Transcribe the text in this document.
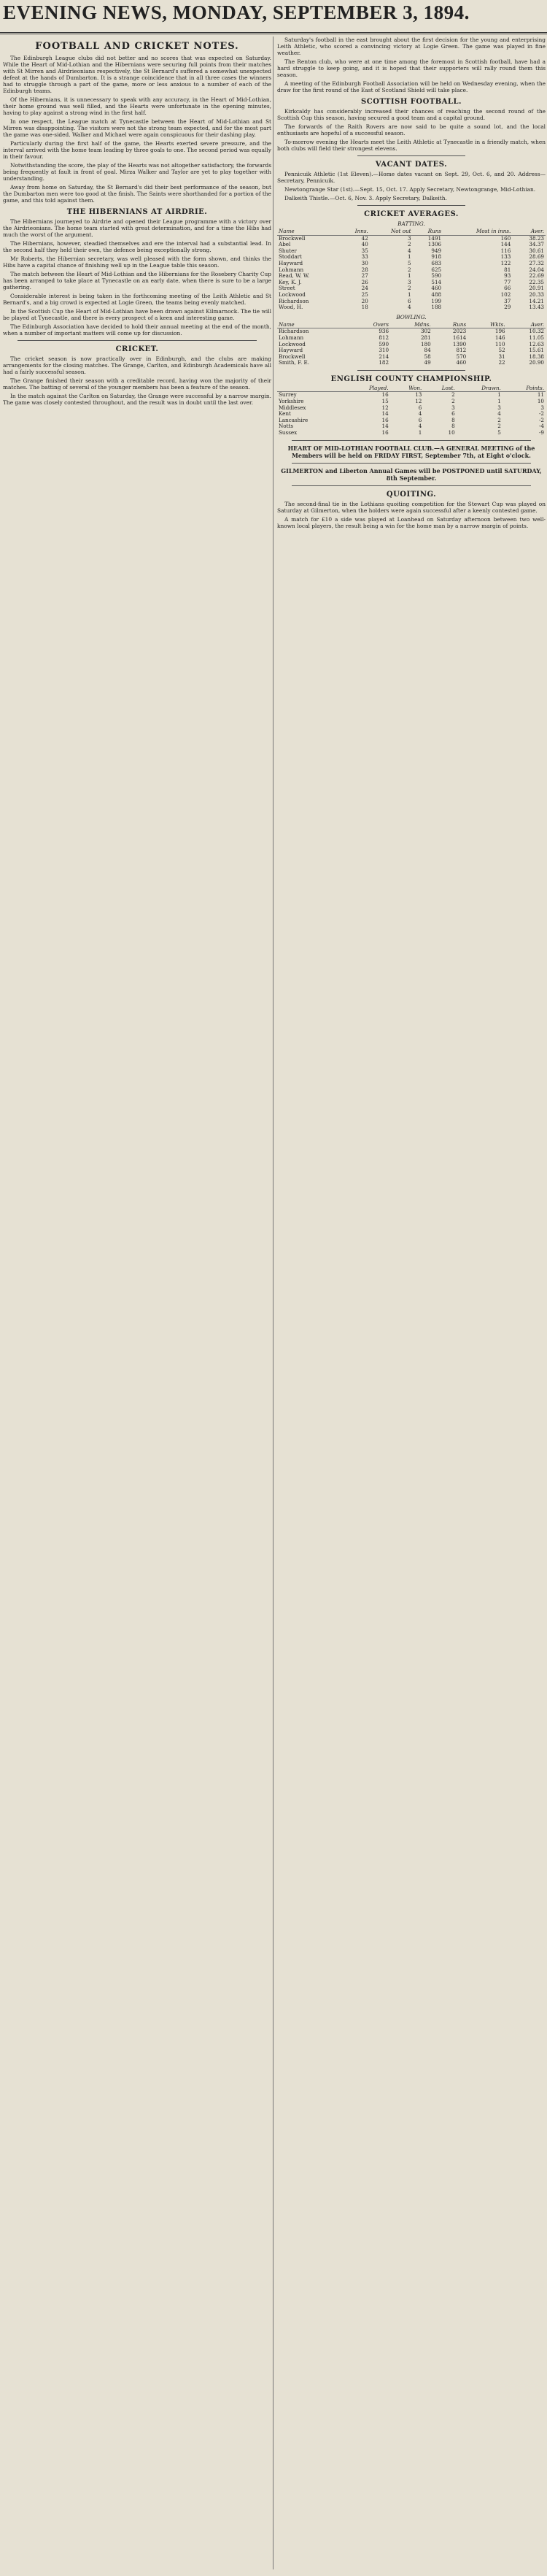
EVENING NEWS, MONDAY, SEPTEMBER 3, 1894.
FOOTBALL AND CRICKET NOTES.

The Edinburgh League clubs did not better and no scores that was expected on Saturday. While the Heart of Mid-Lothian and the Hibernians were securing full points from their matches with St Mirren and Airdrieonians respectively, the St Bernard's suffered a somewhat unexpected defeat at the hands of Dumbarton. It is a strange coincidence that in all three cases the winners had to struggle through a part of the game, more or less anxious to a number of each of the Edinburgh teams.

Of the Hibernians, it is unnecessary to speak with any accuracy, in the Heart of Mid-Lothian, their home ground was well filled, and the Hearts were unfortunate in the opening minutes, having to play against a strong wind in the first half.

In one respect, the League match at Tynecastle between the Heart of Mid-Lothian and St Mirren was disappointing. The visitors were not the strong team expected, and for the most part the game was one-sided. Walker and Michael were again conspicuous for their dashing play.

Particularly during the first half of the game, the Hearts exerted severe pressure, and the interval arrived with the home team leading by three goals to one. The second period was equally in their favour.

Notwithstanding the score, the play of the Hearts was not altogether satisfactory, the forwards being frequently at fault in front of goal. Mirza Walker and Taylor are yet to play together with understanding.

Away from home on Saturday, the St Bernard's did their best performance of the season, but the Dumbarton men were too good at the finish. The Saints were shorthanded for a portion of the game, and this told against them.

THE HIBERNIANS AT AIRDRIE.

The Hibernians journeyed to Airdrie and opened their League programme with a victory over the Airdrieonians. The home team started with great determination, and for a time the Hibs had much the worst of the argument.

The Hibernians, however, steadied themselves and ere the interval had a substantial lead. In the second half they held their own, the defence being exceptionally strong.

Mr Roberts, the Hibernian secretary, was well pleased with the form shown, and thinks the Hibs have a capital chance of finishing well up in the League table this season.

The match between the Heart of Mid-Lothian and the Hibernians for the Rosebery Charity Cup has been arranged to take place at Tynecastle on an early date, when there is sure to be a large gathering.

Considerable interest is being taken in the forthcoming meeting of the Leith Athletic and St Bernard's, and a big crowd is expected at Logie Green, the teams being evenly matched.

In the Scottish Cup the Heart of Mid-Lothian have been drawn against Kilmarnock. The tie will be played at Tynecastle, and there is every prospect of a keen and interesting game.

The Edinburgh Association have decided to hold their annual meeting at the end of the month, when a number of important matters will come up for discussion.

CRICKET.

The cricket season is now practically over in Edinburgh, and the clubs are making arrangements for the closing matches. The Grange, Carlton, and Edinburgh Academicals have all had a fairly successful season.

The Grange finished their season with a creditable record, having won the majority of their matches. The batting of several of the younger members has been a feature of the season.

In the match against the Carlton on Saturday, the Grange were successful by a narrow margin. The game was closely contested throughout, and the result was in doubt until the last over.

Saturday's football in the east brought about the first decision for the young and enterprising Leith Athletic, who scored a convincing victory at Logie Green. The game was played in fine weather.

The Renton club, who were at one time among the foremost in Scottish football, have had a hard struggle to keep going, and it is hoped that their supporters will rally round them this season.

A meeting of the Edinburgh Football Association will be held on Wednesday evening, when the draw for the first round of the East of Scotland Shield will take place.

SCOTTISH FOOTBALL.

Kirkcaldy has considerably increased their chances of reaching the second round of the Scottish Cup this season, having secured a good team and a capital ground.

The forwards of the Raith Rovers are now said to be quite a sound lot, and the local enthusiasts are hopeful of a successful season.

To-morrow evening the Hearts meet the Leith Athletic at Tynecastle in a friendly match, when both clubs will field their strongest elevens.

VACANT DATES.

Pennicuik Athletic (1st Eleven).—Home dates vacant on Sept. 29, Oct. 6, and 20. Address—Secretary, Pennicuik.

Newtongrange Star (1st).—Sept. 15, Oct. 17. Apply Secretary, Newtongrange, Mid-Lothian.

Dalkeith Thistle.—Oct. 6, Nov. 3. Apply Secretary, Dalkeith.

CRICKET AVERAGES.
BATTING.
Name	Inns.	Not out	Runs	Most in inns.	Aver.
Brockwell	42	3	1491	160	38.23
Abel	40	2	1306	144	34.37
Shuter	35	4	949	116	30.61
Stoddart	33	1	918	133	28.69
Hayward	30	5	683	122	27.32
Lohmann	28	2	625	81	24.04
Read, W. W.	27	1	590	93	22.69
Key, K. J.	26	3	514	77	22.35
Street	24	2	460	66	20.91
Lockwood	25	1	488	102	20.33
Richardson	20	6	199	37	14.21
Wood, H.	18	4	188	29	13.43
BOWLING.
Name	Overs	Mdns.	Runs	Wkts.	Aver.
Richardson	936	302	2023	196	10.32
Lohmann	812	281	1614	146	11.05
Lockwood	590	180	1390	110	12.63
Hayward	310	84	812	52	15.61
Brockwell	214	58	570	31	18.38
Smith, F. E.	182	49	460	22	20.90
ENGLISH COUNTY CHAMPIONSHIP.
	Played.	Won.	Lost.	Drawn.	Points.
Surrey	16	13	2	1	11
Yorkshire	15	12	2	1	10
Middlesex	12	6	3	3	3
Kent	14	4	6	4	-2
Lancashire	16	6	8	2	-2
Notts	14	4	8	2	-4
Sussex	16	1	10	5	-9
HEART OF MID-LOTHIAN FOOTBALL CLUB.—A GENERAL MEETING of the Members will be held on FRIDAY FIRST, September 7th, at Eight o'clock.
GILMERTON and Liberton Annual Games will be POSTPONED until SATURDAY, 8th September.
QUOITING.

The second-final tie in the Lothians quoiting competition for the Stewart Cup was played on Saturday at Gilmerton, when the holders were again successful after a keenly contested game.

A match for £10 a side was played at Loanhead on Saturday afternoon between two well-known local players, the result being a win for the home man by a narrow margin of points.
